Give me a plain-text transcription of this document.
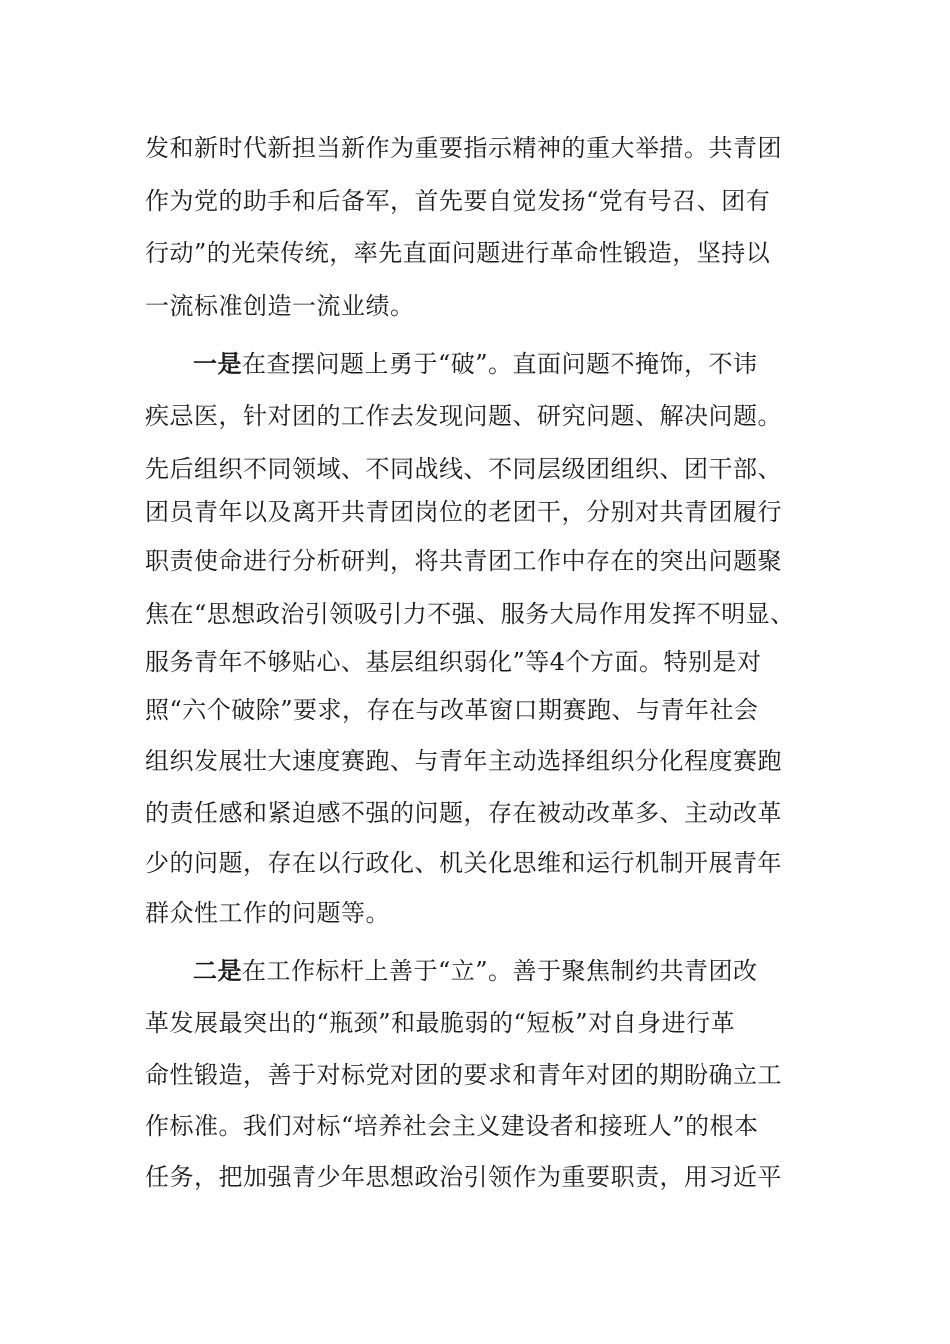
发和新时代新担当新作为重要指示精神的重大举措。共青团
作为党的助手和后备军，首先要自觉发扬“党有号召、团有
行动”的光荣传统，率先直面问题进行革命性锻造，坚持以
一流标准创造一流业绩。
一是在查摆问题上勇于“破”。直面问题不掩饰，不讳
疾忌医，针对团的工作去发现问题、研究问题、解决问题。
先后组织不同领域、不同战线、不同层级团组织、团干部、
团员青年以及离开共青团岗位的老团干，分别对共青团履行
职责使命进行分析研判，将共青团工作中存在的突出问题聚
焦在“思想政治引领吸引力不强、服务大局作用发挥不明显、
服务青年不够贴心、基层组织弱化”等4个方面。特别是对
照“六个破除”要求，存在与改革窗口期赛跑、与青年社会
组织发展壮大速度赛跑、与青年主动选择组织分化程度赛跑
的责任感和紧迫感不强的问题，存在被动改革多、主动改革
少的问题，存在以行政化、机关化思维和运行机制开展青年
群众性工作的问题等。
二是在工作标杆上善于“立”。善于聚焦制约共青团改
革发展最突出的“瓶颈”和最脆弱的“短板”对自身进行革
命性锻造，善于对标党对团的要求和青年对团的期盼确立工
作标准。我们对标“培养社会主义建设者和接班人”的根本
任务，把加强青少年思想政治引领作为重要职责，用习近平
